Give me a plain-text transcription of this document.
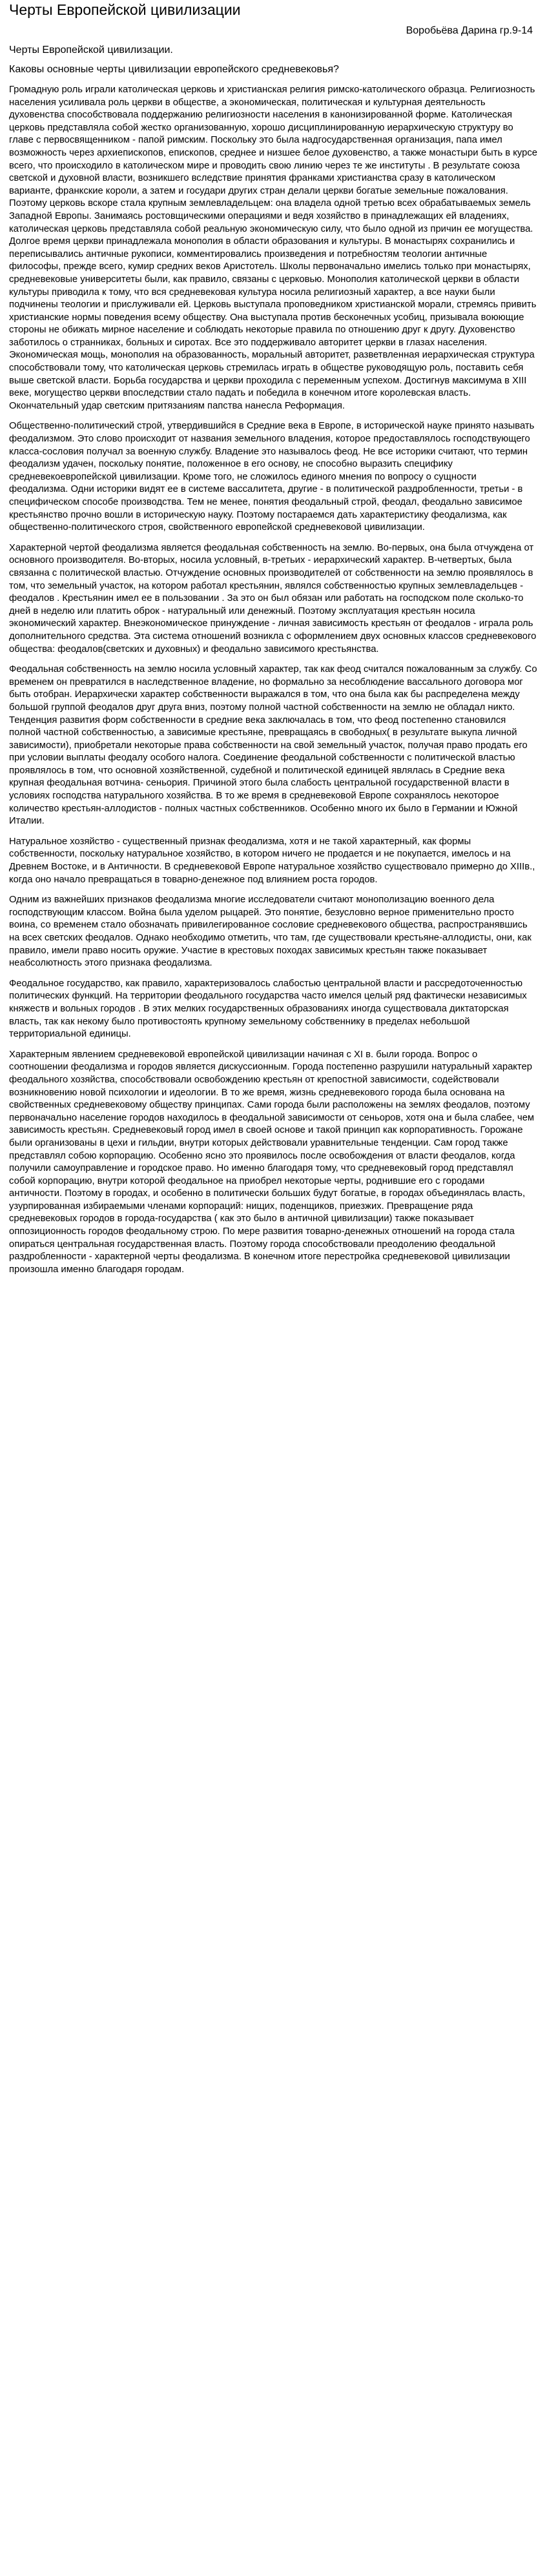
Черты Европейской цивилизации

Воробьёва Дарина гр.9-14

Черты Европейской цивилизации.

Каковы основные черты цивилизации европейского средневековья?

Громадную роль играли католическая церковь и христианская религия римско-католического образца. Религиозность населения усиливала роль церкви в обществе, а экономическая, политическая и культурная деятельность духовенства способствовала поддержанию религиозности населения в канонизированной форме. Католическая церковь представляла собой жестко организованную, хорошо дисциплинированную иерархическую структуру во главе с первосвященником - папой римским. Поскольку это была надгосударственная организация, папа имел возможность через архиепископов, епископов, среднее и низшее белое духовенство, а также монастыри быть в курсе всего, что происходило в католическом мире и проводить свою линию через те же институты . В результате союза светской и духовной власти, возникшего вследствие принятия франками христианства сразу в католическом варианте, франкские короли, а затем и государи других стран делали церкви богатые земельные пожалования. Поэтому церковь вскоре стала крупным землевладельцем: она владела одной третью всех обрабатываемых земель Западной Европы. Занимаясь ростовщическими операциями и ведя хозяйство в принадлежащих ей владениях, католическая церковь представляла собой реальную экономическую силу, что было одной из причин ее могущества. Долгое время церкви принадлежала монополия в области образования и культуры. В монастырях сохранились и переписывались античные рукописи, комментировались произведения и потребностям теологии античные философы, прежде всего, кумир средних веков Аристотель. Школы первоначально имелись только при монастырях, средневековые университеты были, как правило, связаны с церковью. Монополия католической церкви в области культуры приводила к тому, что вся средневековая культура носила религиозный характер, а все науки были подчинены теологии и прислуживали ей. Церковь выступала проповедником христианской морали, стремясь привить христианские нормы поведения всему обществу. Она выступала против бесконечных усобиц, призывала воюющие стороны не обижать мирное население и соблюдать некоторые правила по отношению друг к другу. Духовенство заботилось о странниках, больных и сиротах. Все это поддерживало авторитет церкви в глазах населения. Экономическая мощь, монополия на образованность, моральный авторитет, разветвленная иерархическая структура способствовали тому, что католическая церковь стремилась играть в обществе руководящую роль, поставить себя выше светской власти. Борьба государства и церкви проходила с переменным успехом. Достигнув максимума в XIII веке, могущество церкви впоследствии стало падать и победила в конечном итоге королевская власть. Окончательный удар светским притязаниям папства нанесла Реформация.

Общественно-политический строй, утвердившийся в Средние века в Европе, в исторической науке принято называть феодализмом. Это слово происходит от названия земельного владения, которое предоставлялось господствующего класса-сословия получал за военную службу. Владение это называлось феод. Не все историки считают, что термин феодализм удачен, поскольку понятие, положенное в его основу, не способно выразить специфику средневекоевропейской цивилизации. Кроме того, не сложилось единого мнения по вопросу о сущности феодализма. Одни историки видят ее в системе вассалитета, другие - в политической раздробленности, третьи - в специфическом способе производства. Тем не менее, понятия феодальный строй, феодал, феодально зависимое крестьянство прочно вошли в историческую науку. Поэтому постараемся дать характеристику феодализма, как общественно-политического строя, свойственного европейской средневековой цивилизации.

Характерной чертой феодализма является феодальная собственность на землю. Во-первых, она была отчуждена от основного производителя. Во-вторых, носила условный, в-третьих - иерархический характер. В-четвертых, была связанна с политической властью. Отчуждение основных производителей от собственности на землю проявлялось в том, что земельный участок, на котором работал крестьянин, являлся собственностью крупных землевладельцев - феодалов . Крестьянин имел ее в пользовании . За это он был обязан или работать на господском поле сколько-то дней в неделю или платить оброк - натуральный или денежный. Поэтому эксплуатация крестьян носила экономический характер. Внеэкономическое принуждение - личная зависимость крестьян от феодалов - играла роль дополнительного средства. Эта система отношений возникла с оформлением двух основных классов средневекового общества: феодалов(светских и духовных) и феодально зависимого крестьянства.

Феодальная собственность на землю носила условный характер, так как феод считался пожалованным за службу. Со временем он превратился в наследственное владение, но формально за несоблюдение вассального договора мог быть отобран. Иерархически характер собственности выражался в том, что она была как бы распределена между большой группой феодалов друг друга вниз, поэтому полной частной собственности на землю не обладал никто. Тенденция развития форм собственности в средние века заключалась в том, что феод постепенно становился полной частной собственностью, а зависимые крестьяне, превращаясь в свободных( в результате выкупа личной зависимости), приобретали некоторые права собственности на свой земельный участок, получая право продать его при условии выплаты феодалу особого налога. Соединение феодальной собственности с политической властью проявлялось в том, что основной хозяйственной, судебной и политической единицей являлась в Средние века крупная феодальная вотчина- сеньория. Причиной этого была слабость центральной государственной власти в условиях господства натурального хозяйства. В то же время в средневековой Европе сохранялось некоторое количество крестьян-аллодистов - полных частных собственников. Особенно много их было в Германии и Южной Италии.

Натуральное хозяйство - существенный признак феодализма, хотя и не такой характерный, как формы собственности, поскольку натуральное хозяйство, в котором ничего не продается и не покупается, имелось и на Древнем Востоке, и в Античности. В средневековой Европе натуральное хозяйство существовало примерно до XIIIв., когда оно начало превращаться в товарно-денежное под влиянием роста городов.

Одним из важнейших признаков феодализма многие исследователи считают монополизацию военного дела господствующим классом. Война была уделом рыцарей. Это понятие, безусловно верное применительно просто воина, со временем стало обозначать привилегированное сословие средневекового общества, распространявшись на всех светских феодалов. Однако необходимо отметить, что там, где существовали крестьяне-аллодисты, они, как правило, имели право носить оружие. Участие в крестовых походах зависимых крестьян также показывает неабсолютность этого признака феодализма.

Феодальное государство, как правило, характеризовалось слабостью центральной власти и рассредоточенностью политических функций. На территории феодального государства часто имелся целый ряд фактически независимых княжеств и вольных городов . В этих мелких государственных образованиях иногда существовала диктаторская власть, так как некому было противостоять крупному земельному собственнику в пределах небольшой территориальной единицы.

Характерным явлением средневековой европейской цивилизации начиная с XI в. были города. Вопрос о соотношении феодализма и городов является дискуссионным. Города постепенно разрушили натуральный характер феодального хозяйства, способствовали освобождению крестьян от крепостной зависимости, содействовали возникновению новой психологии и идеологии. В то же время, жизнь средневекового города была основана на свойственных средневековому обществу принципах. Сами города были расположены на землях феодалов, поэтому первоначально население городов находилось в феодальной зависимости от сеньоров, хотя она и была слабее, чем зависимость крестьян. Средневековый город имел в своей основе и такой принцип как корпоративность. Горожане были организованы в цехи и гильдии, внутри которых действовали уравнительные тенденции. Сам город также представлял собою корпорацию. Особенно ясно это проявилось после освобождения от власти феодалов, когда получили самоуправление и городское право. Но именно благодаря тому, что средневековый город представлял собой корпорацию, внутри которой феодальное на приобрел некоторые черты, роднившие его с городами античности. Поэтому в городах, и особенно в политически больших будут богатые, в городах объединялась власть, узурпированная избираемыми членами корпораций: нищих, поденщиков, приезжих. Превращение ряда средневековых городов в города-государства ( как это было в античной цивилизации) также показывает оппозиционность городов феодальному строю. По мере развития товарно-денежных отношений на города стала опираться центральная государственная власть. Поэтому города способствовали преодолению феодальной раздробленности - характерной черты феодализма. В конечном итоге перестройка средневековой цивилизации произошла именно благодаря городам.
